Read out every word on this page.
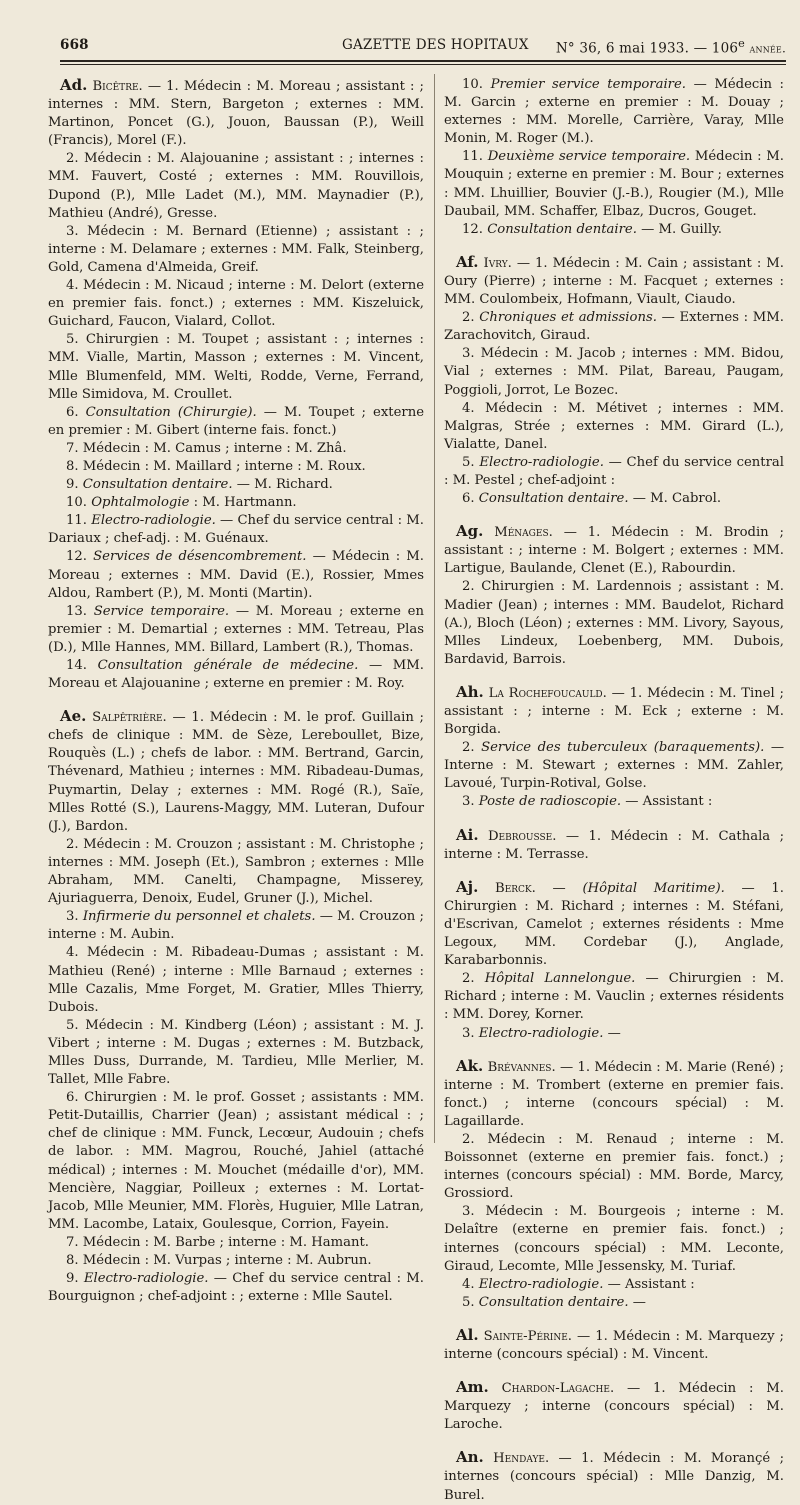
668	GAZETTE DES HOPITAUX N° 36, 6 mai 1933. — 106e année.

Ad. Bicêtre. — 1. Médecin : M. Moreau ; assistant : ; internes : MM. Stern, Bargeton ; externes : MM. Martinon, Poncet (G.), Jouon, Baussan (P.), Weill (Francis), Morel (F.).

2. Médecin : M. Alajouanine ; assistant : ; internes : MM. Fauvert, Costé ; externes : MM. Rouvillois, Dupond (P.), Mlle Ladet (M.), MM. Maynadier (P.), Mathieu (André), Gresse.

3. Médecin : M. Bernard (Etienne) ; assistant : ; interne : M. Delamare ; externes : MM. Falk, Steinberg, Gold, Camena d'Almeida, Greif.

4. Médecin : M. Nicaud ; interne : M. Delort (externe en premier fais. fonct.) ; externes : MM. Kiszeluick, Guichard, Faucon, Vialard, Collot.

5. Chirurgien : M. Toupet ; assistant : ; internes : MM. Vialle, Martin, Masson ; externes : M. Vincent, Mlle Blumenfeld, MM. Welti, Rodde, Verne, Ferrand, Mlle Simidova, M. Croullet.

6. Consultation (Chirurgie). — M. Toupet ; externe en premier : M. Gibert (interne fais. fonct.)

7. Médecin : M. Camus ; interne : M. Zhâ.

8. Médecin : M. Maillard ; interne : M. Roux.

9. Consultation dentaire. — M. Richard.

10. Ophtalmologie : M. Hartmann.

11. Electro-radiologie. — Chef du service central : M. Dariaux ; chef-adj. : M. Guénaux.

12. Services de désencombrement. — Médecin : M. Moreau ; externes : MM. David (E.), Rossier, Mmes Aldou, Rambert (P.), M. Monti (Martin).

13. Service temporaire. — M. Moreau ; externe en premier : M. Demartial ; externes : MM. Tetreau, Plas (D.), Mlle Hannes, MM. Billard, Lambert (R.), Thomas.

14. Consultation générale de médecine. — MM. Moreau et Alajouanine ; externe en premier : M. Roy.

Ae. Salpêtrière. — 1. Médecin : M. le prof. Guillain ; chefs de clinique : MM. de Sèze, Lereboullet, Bize, Rouquès (L.) ; chefs de labor. : MM. Bertrand, Garcin, Thévenard, Mathieu ; internes : MM. Ribadeau-Dumas, Puymartin, Delay ; externes : MM. Rogé (R.), Saïe, Mlles Rotté (S.), Laurens-Maggy, MM. Luteran, Dufour (J.), Bardon.

2. Médecin : M. Crouzon ; assistant : M. Christophe ; internes : MM. Joseph (Et.), Sambron ; externes : Mlle Abraham, MM. Canelti, Champagne, Misserey, Ajuriaguerra, Denoix, Eudel, Gruner (J.), Michel.

3. Infirmerie du personnel et chalets. — M. Crouzon ; interne : M. Aubin.

4. Médecin : M. Ribadeau-Dumas ; assistant : M. Mathieu (René) ; interne : Mlle Barnaud ; externes : Mlle Cazalis, Mme Forget, M. Gratier, Mlles Thierry, Dubois.

5. Médecin : M. Kindberg (Léon) ; assistant : M. J. Vibert ; interne : M. Dugas ; externes : M. Butzback, Mlles Duss, Durrande, M. Tardieu, Mlle Merlier, M. Tallet, Mlle Fabre.

6. Chirurgien : M. le prof. Gosset ; assistants : MM. Petit-Dutaillis, Charrier (Jean) ; assistant médical : ; chef de clinique : MM. Funck, Lecœur, Audouin ; chefs de labor. : MM. Magrou, Rouché, Jahiel (attaché médical) ; internes : M. Mouchet (médaille d'or), MM. Mencière, Naggiar, Poilleux ; externes : M. Lortat-Jacob, Mlle Meunier, MM. Florès, Huguier, Mlle Latran, MM. Lacombe, Lataix, Goulesque, Corrion, Fayein.

7. Médecin : M. Barbe ; interne : M. Hamant.

8. Médecin : M. Vurpas ; interne : M. Aubrun.

9. Electro-radiologie. — Chef du service central : M. Bourguignon ; chef-adjoint : ; externe : Mlle Sautel.

10. Premier service temporaire. — Médecin : M. Garcin ; externe en premier : M. Douay ; externes : MM. Morelle, Carrière, Varay, Mlle Monin, M. Roger (M.).

11. Deuxième service temporaire. Médecin : M. Mouquin ; externe en premier : M. Bour ; externes : MM. Lhuillier, Bouvier (J.-B.), Rougier (M.), Mlle Daubail, MM. Schaffer, Elbaz, Ducros, Gouget.

12. Consultation dentaire. — M. Guilly.

Af. Ivry. — 1. Médecin : M. Cain ; assistant : M. Oury (Pierre) ; interne : M. Facquet ; externes : MM. Coulombeix, Hofmann, Viault, Ciaudo.

2. Chroniques et admissions. — Externes : MM. Zarachovitch, Giraud.

3. Médecin : M. Jacob ; internes : MM. Bidou, Vial ; externes : MM. Pilat, Bareau, Paugam, Poggioli, Jorrot, Le Bozec.

4. Médecin : M. Métivet ; internes : MM. Malgras, Strée ; externes : MM. Girard (L.), Vialatte, Danel.

5. Electro-radiologie. — Chef du service central : M. Pestel ; chef-adjoint :

6. Consultation dentaire. — M. Cabrol.

Ag. Ménages. — 1. Médecin : M. Brodin ; assistant : ; interne : M. Bolgert ; externes : MM. Lartigue, Baulande, Clenet (E.), Rabourdin.

2. Chirurgien : M. Lardennois ; assistant : M. Madier (Jean) ; internes : MM. Baudelot, Richard (A.), Bloch (Léon) ; externes : MM. Livory, Sayous, Mlles Lindeux, Loebenberg, MM. Dubois, Bardavid, Barrois.

Ah. La Rochefoucauld. — 1. Médecin : M. Tinel ; assistant : ; interne : M. Eck ; externe : M. Borgida.

2. Service des tuberculeux (baraquements). — Interne : M. Stewart ; externes : MM. Zahler, Lavoué, Turpin-Rotival, Golse.

3. Poste de radioscopie. — Assistant :

Ai. Debrousse. — 1. Médecin : M. Cathala ; interne : M. Terrasse.

Aj. Berck. — (Hôpital Maritime). — 1. Chirurgien : M. Richard ; internes : M. Stéfani, d'Escrivan, Camelot ; externes résidents : Mme Legoux, MM. Cordebar (J.), Anglade, Karabarbonnis.

2. Hôpital Lannelongue. — Chirurgien : M. Richard ; interne : M. Vauclin ; externes résidents : MM. Dorey, Korner.

3. Electro-radiologie. —

Ak. Brévannes. — 1. Médecin : M. Marie (René) ; interne : M. Trombert (externe en premier fais. fonct.) ; interne (concours spécial) : M. Lagaillarde.

2. Médecin : M. Renaud ; interne : M. Boissonnet (externe en premier fais. fonct.) ; internes (concours spécial) : MM. Borde, Marcy, Grossiord.

3. Médecin : M. Bourgeois ; interne : M. Delaître (externe en premier fais. fonct.) ; internes (concours spécial) : MM. Leconte, Giraud, Lecomte, Mlle Jessensky, M. Turiaf.

4. Electro-radiologie. — Assistant :

5. Consultation dentaire. —

Al. Sainte-Périne. — 1. Médecin : M. Marquezy ; interne (concours spécial) : M. Vincent.

Am. Chardon-Lagache. — 1. Médecin : M. Marquezy ; interne (concours spécial) : M. Laroche.

An. Hendaye. — 1. Médecin : M. Morançé ; internes (concours spécial) : Mlle Danzig, M. Burel.
